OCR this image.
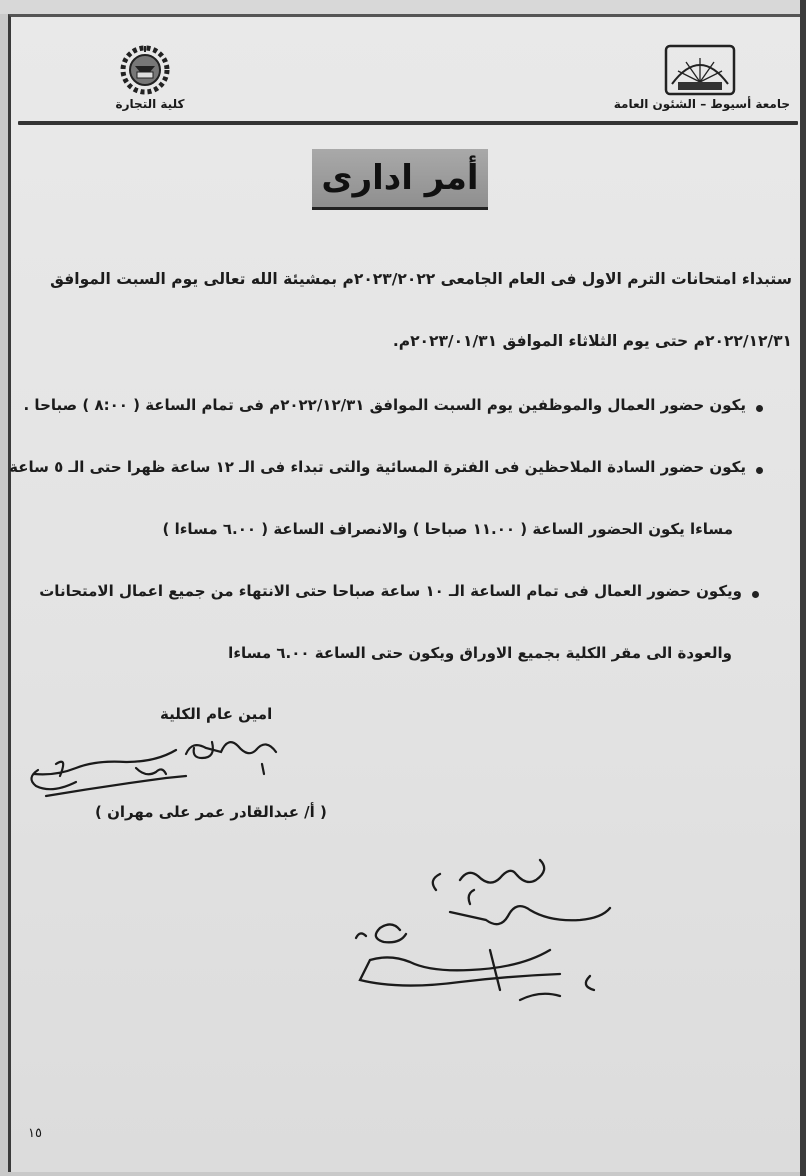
جامعة أسيوط – الشئون العامة
كلية التجارة
أمر ادارى
ستبداء امتحانات الترم الاول فى العام الجامعى ٢٠٢٣/٢٠٢٢م بمشيئة الله تعالى يوم السبت الموافق
٢٠٢٢/١٢/٣١م حتى يوم الثلاثاء الموافق ٢٠٢٣/٠١/٣١م.
يكون حضور العمال والموظفين يوم السبت الموافق ٢٠٢٢/١٢/٣١م فى تمام الساعة ( ٨:٠٠ ) صباحا .
يكون حضور السادة الملاحظين فى الفترة المسائية والتى تبداء فى الـ ١٢ ساعة ظهرا حتى الـ ٥ ساعة
مساءا يكون الحضور الساعة ( ١١.٠٠ صباحا ) والانصراف الساعة ( ٦.٠٠ مساءا )
ويكون حضور العمال فى تمام الساعة الـ ١٠ ساعة صباحا حتى الانتهاء من جميع اعمال الامتحانات
والعودة الى مقر الكلية بجميع الاوراق ويكون حتى الساعة ٦.٠٠ مساءا
امين عام الكلية
( أ/ عبدالقادر عمر على مهران )
١٥
